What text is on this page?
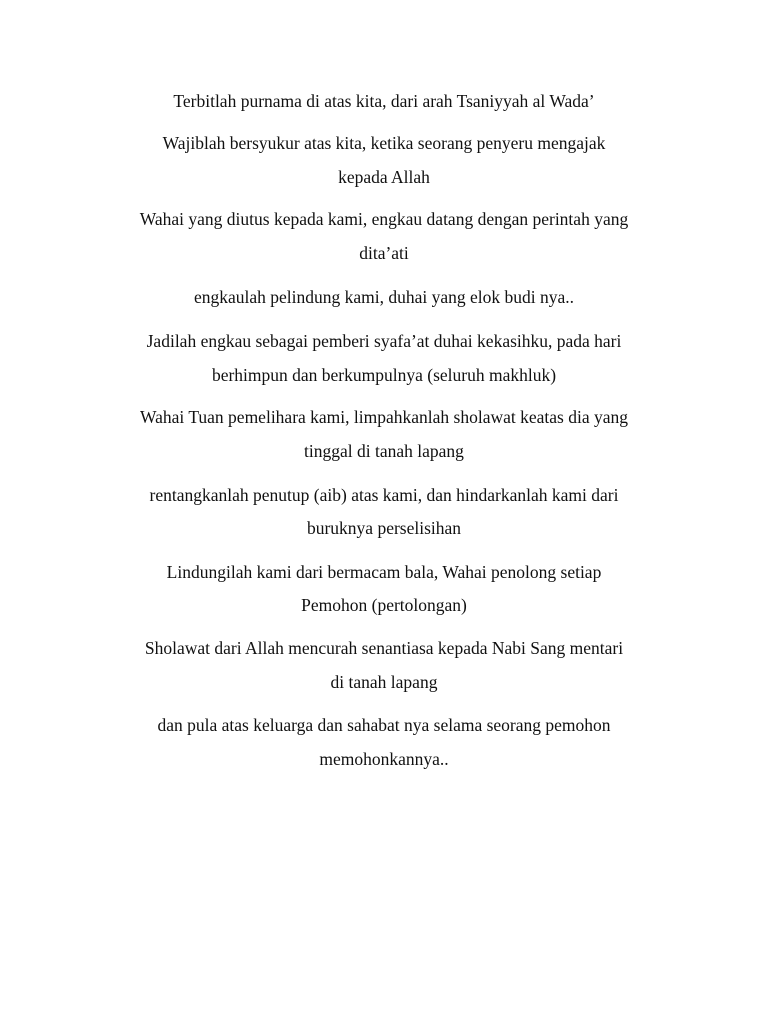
Terbitlah purnama di atas kita, dari arah Tsaniyyah al Wada’
Wajiblah bersyukur atas kita, ketika seorang penyeru mengajak
kepada Allah
Wahai yang diutus kepada kami, engkau datang dengan perintah yang
dita’ati
engkaulah pelindung kami, duhai yang elok budi nya..
Jadilah engkau sebagai pemberi syafa’at duhai kekasihku, pada hari
berhimpun dan berkumpulnya (seluruh makhluk)
Wahai Tuan pemelihara kami, limpahkanlah sholawat keatas dia yang
tinggal di tanah lapang
rentangkanlah penutup (aib) atas kami, dan hindarkanlah kami dari
buruknya perselisihan
Lindungilah kami dari bermacam bala, Wahai penolong setiap
Pemohon (pertolongan)
Sholawat dari Allah mencurah senantiasa kepada Nabi Sang mentari
di tanah lapang
dan pula atas keluarga dan sahabat nya selama seorang pemohon
memohonkannya..
